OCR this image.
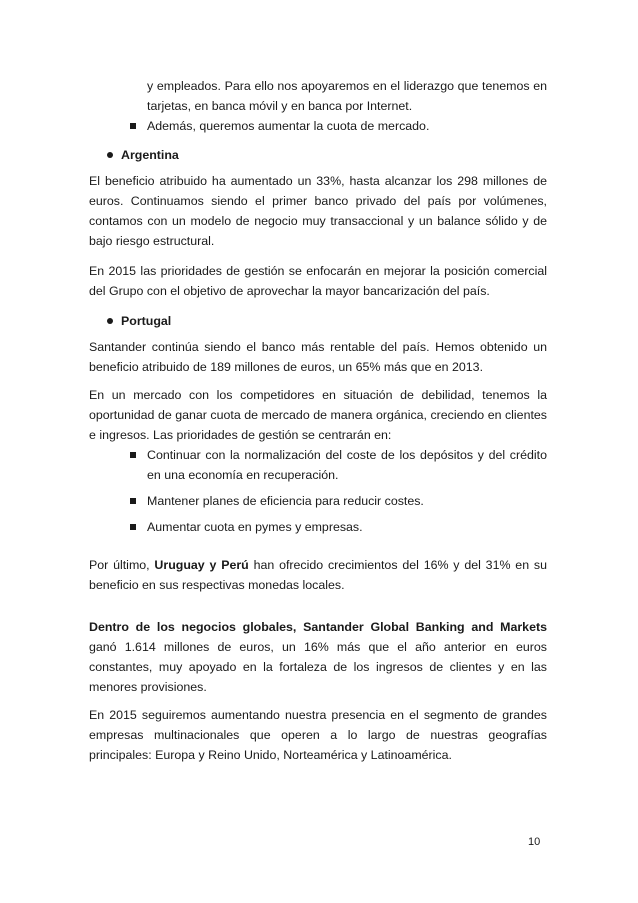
y empleados. Para ello nos apoyaremos en el liderazgo que tenemos en tarjetas, en banca móvil y en banca por Internet.

Además, queremos aumentar la cuota de mercado.
Argentina

El beneficio atribuido ha aumentado un 33%, hasta alcanzar los 298 millones de euros. Continuamos siendo el primer banco privado del país por volúmenes, contamos con un modelo de negocio muy transaccional y un balance sólido y de bajo riesgo estructural.

En 2015 las prioridades de gestión se enfocarán en mejorar la posición comercial del Grupo con el objetivo de aprovechar la mayor bancarización del país.

Portugal

Santander continúa siendo el banco más rentable del país. Hemos obtenido un beneficio atribuido de 189 millones de euros, un 65% más que en 2013.

En un mercado con los competidores en situación de debilidad, tenemos la oportunidad de ganar cuota de mercado de manera orgánica, creciendo en clientes e ingresos. Las prioridades de gestión se centrarán en:

Continuar con la normalización del coste de los depósitos y del crédito en una economía en recuperación.
Mantener planes de eficiencia para reducir costes.
Aumentar cuota en pymes y empresas.

Por último, Uruguay y Perú han ofrecido crecimientos del 16% y del 31% en su beneficio en sus respectivas monedas locales.

Dentro de los negocios globales, Santander Global Banking and Markets ganó 1.614 millones de euros, un 16% más que el año anterior en euros constantes, muy apoyado en la fortaleza de los ingresos de clientes y en las menores provisiones.

En 2015 seguiremos aumentando nuestra presencia en el segmento de grandes empresas multinacionales que operen a lo largo de nuestras geografías principales: Europa y Reino Unido, Norteamérica y Latinoamérica.

10
